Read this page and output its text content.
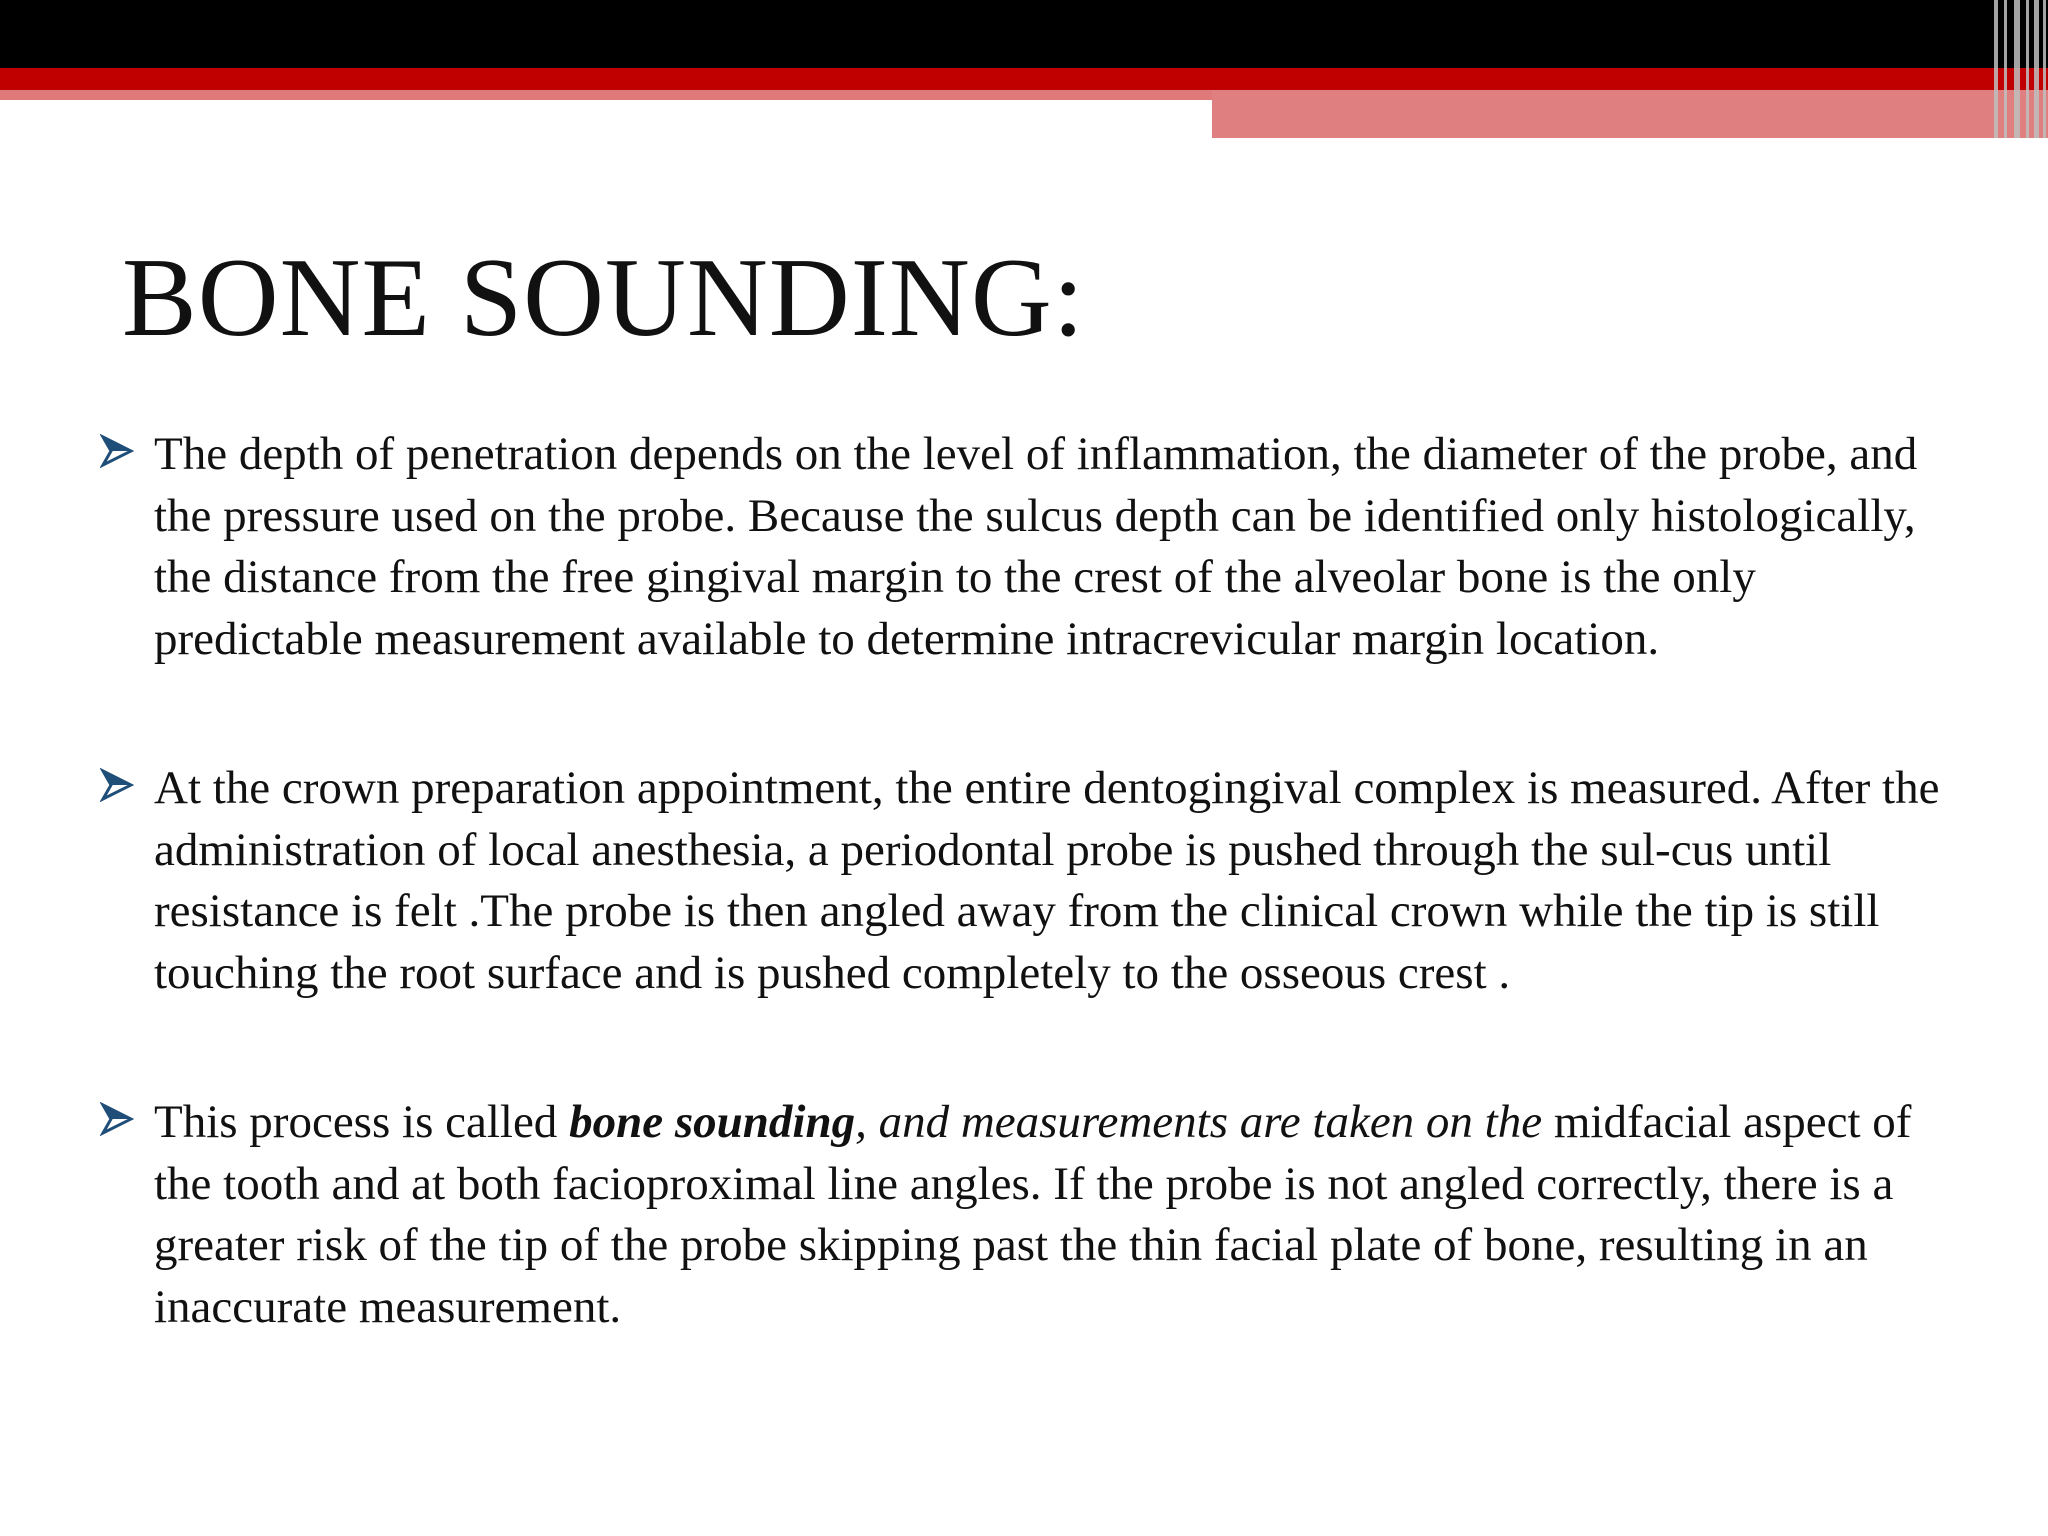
BONE SOUNDING:

The depth of penetration depends on the level of inflammation, the diameter of the probe, and the pressure used on the probe. Because the sulcus depth can be identified only histologically, the distance from the free gingival margin to the crest of the alveolar bone is the only predictable measurement available to determine intracrevicular margin location.

At the crown preparation appointment, the entire dentogingival complex is measured. After the administration of local anesthesia, a periodontal probe is pushed through the sul-cus until resistance is felt .The probe is then angled away from the clinical crown while the tip is still touching the root surface and is pushed completely to the osseous crest .

This process is called bone sounding, and measurements are taken on the midfacial aspect of the tooth and at both facioproximal line angles. If the probe is not angled correctly, there is a greater risk of the tip of the probe skipping past the thin facial plate of bone, resulting in an inaccurate measurement.
